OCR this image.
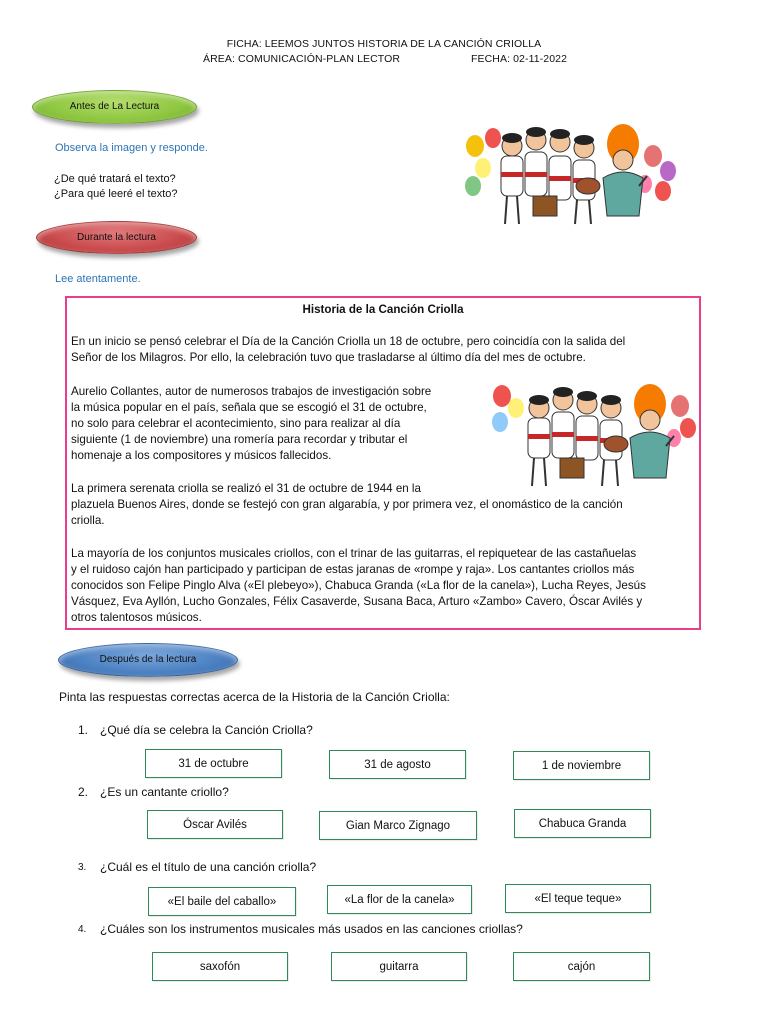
FICHA: LEEMOS JUNTOS HISTORIA DE LA CANCIÓN CRIOLLA
ÁREA: COMUNICACIÓN-PLAN LECTOR	FECHA: 02-11-2022
Antes de La Lectura
Observa la imagen y responde.
¿De qué tratará el texto?
¿Para qué leeré el texto?
Durante la lectura
Lee atentamente.
Historia de la Canción Criolla
En un inicio se pensó celebrar el Día de la Canción Criolla un 18 de octubre, pero coincidía con la salida del
Señor de los Milagros. Por ello, la celebración tuvo que trasladarse al último día del mes de octubre.
Aurelio Collantes, autor de numerosos trabajos de investigación sobre
la música popular en el país, señala que se escogió el 31 de octubre,
no solo para celebrar el acontecimiento, sino para realizar al día
siguiente (1 de noviembre) una romería para recordar y tributar el
homenaje a los compositores y músicos fallecidos.
La primera serenata criolla se realizó el 31 de octubre de 1944 en la
plazuela Buenos Aires, donde se festejó con gran algarabía, y por primera vez, el onomástico de la canción
criolla.
La mayoría de los conjuntos musicales criollos, con el trinar de las guitarras, el repiquetear de las castañuelas
y el ruidoso cajón han participado y participan de estas jaranas de «rompe y raja». Los cantantes criollos más
conocidos son Felipe Pinglo Alva («El plebeyo»), Chabuca Granda («La flor de la canela»), Lucha Reyes, Jesús
Vásquez, Eva Ayllón, Lucho Gonzales, Félix Casaverde, Susana Baca, Arturo «Zambo» Cavero, Óscar Avilés y
otros talentosos músicos.
Después de la lectura
Pinta las respuestas correctas acerca de la Historia de la Canción Criolla:
1. ¿Qué día se celebra la Canción Criolla?
31 de octubre	31 de agosto	1 de noviembre
2. ¿Es un cantante criollo?
Óscar Avilés	Gian Marco Zignago	Chabuca Granda
3. ¿Cuál es el título de una canción criolla?
«El baile del caballo»	«La flor de la canela»	«El teque teque»
4. ¿Cuáles son los instrumentos musicales más usados en las canciones criollas?
saxofón	guitarra	cajón
